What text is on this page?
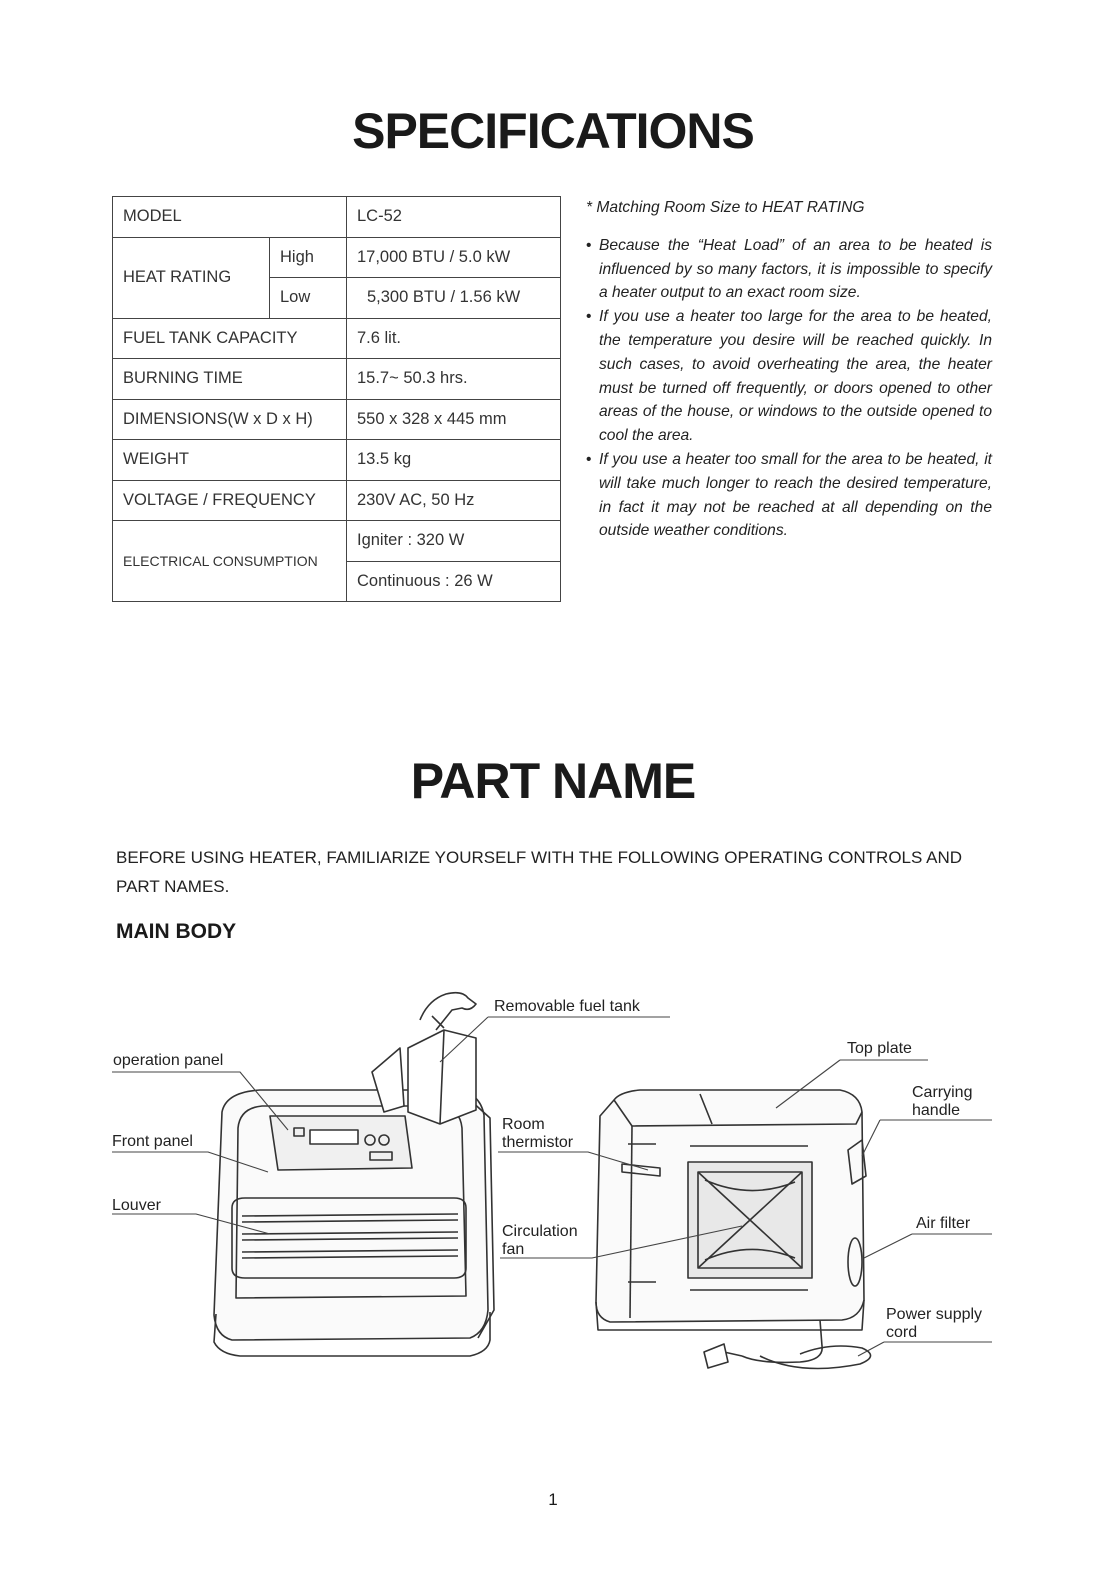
SPECIFICATIONS
MODEL		LC-52
HEAT RATING	High	17,000 BTU / 5.0 kW
	Low	5,300 BTU / 1.56 kW
FUEL TANK CAPACITY		7.6 lit.
BURNING TIME		15.7~ 50.3 hrs.
DIMENSIONS(W x D x H)		550 x 328 x 445 mm
WEIGHT		13.5 kg
VOLTAGE / FREQUENCY		230V AC, 50 Hz
ELECTRICAL CONSUMPTION		Igniter : 320 W
		Continuous : 26 W
* Matching Room Size to HEAT RATING
• Because the “Heat Load” of an area to be heated is influenced by so many factors, it is impossible to specify a heater output to an exact room size.
• If you use a heater too large for the area to be heated, the temperature you desire will be reached quickly. In such cases, to avoid overheating the area, the heater must be turned off frequently, or doors opened to other areas of the house, or windows to the outside opened to cool the area.
• If you use a heater too small for the area to be heated, it will take much longer to reach the desired temperature, in fact it may not be reached at all depending on the outside weather conditions.
PART NAME
BEFORE USING HEATER, FAMILIARIZE YOURSELF WITH THE FOLLOWING OPERATING CONTROLS AND PART NAMES.
MAIN BODY
Removable fuel tank
operation panel
Front panel
Louver
Top plate
Carrying
handle
Room
thermistor
Circulation
fan
Air filter
Power supply
cord
1
